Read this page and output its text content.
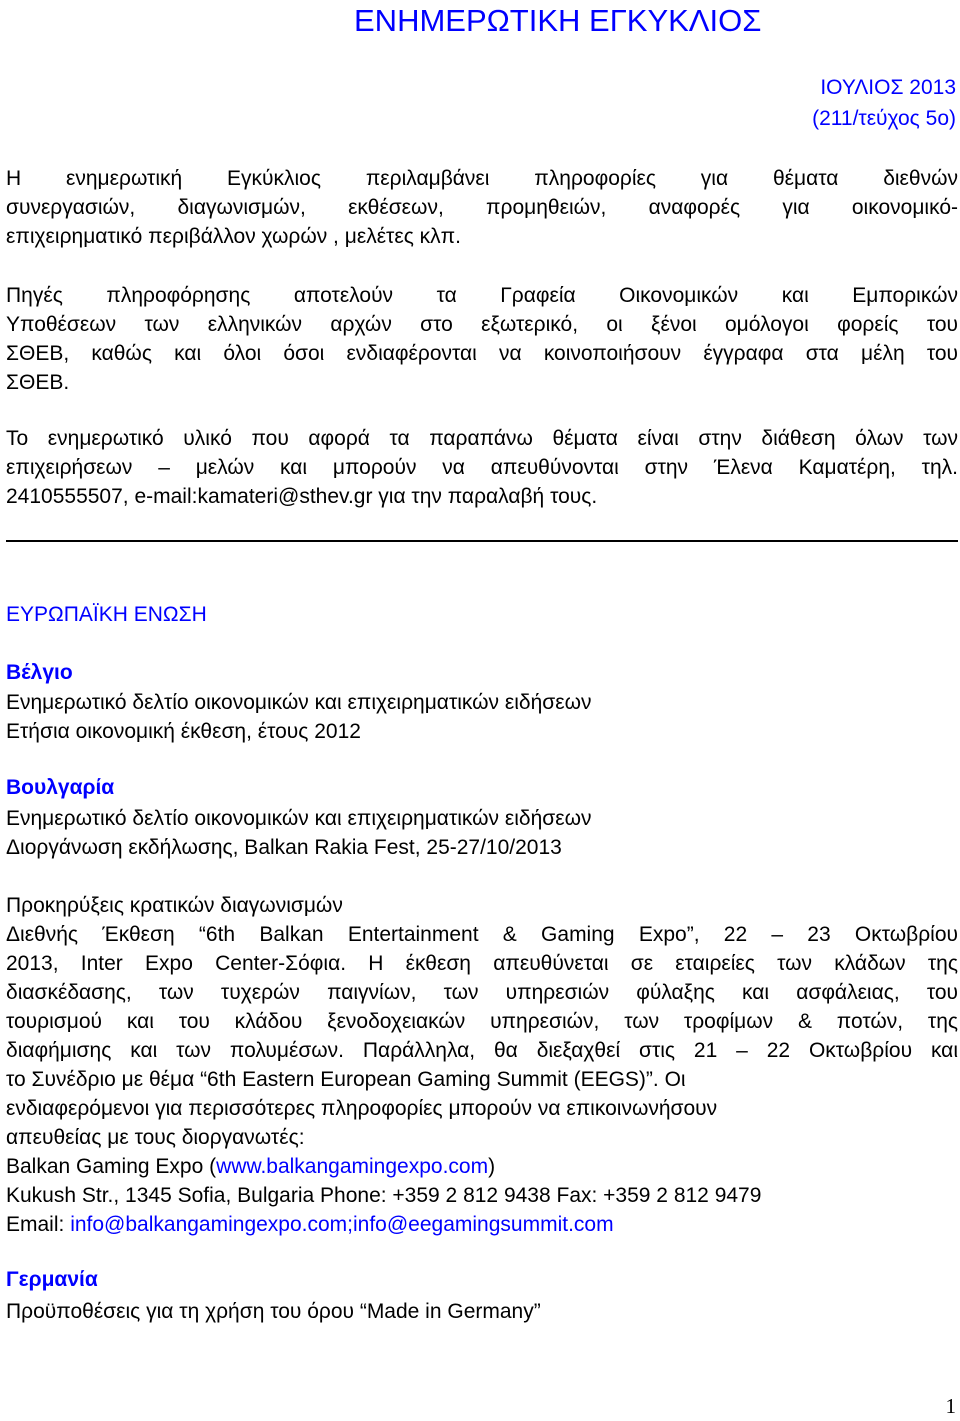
ΕΝΗΜΕΡΩΤΙΚΗ ΕΓΚΥΚΛΙΟΣ
ΙΟΥΛΙΟΣ 2013
(211/τεύχος 5ο)

Η ενημερωτική Εγκύκλιος περιλαμβάνει πληροφορίες για θέματα διεθνών
συνεργασιών, διαγωνισμών, εκθέσεων, προμηθειών, αναφορές για οικονομικό-
επιχειρηματικό περιβάλλον χωρών , μελέτες κλπ.

Πηγές πληροφόρησης αποτελούν τα Γραφεία Οικονομικών και Εμπορικών
Υποθέσεων των ελληνικών αρχών στο εξωτερικό, οι ξένοι ομόλογοι φορείς του
ΣΘΕΒ, καθώς και όλοι όσοι ενδιαφέρονται να κοινοποιήσουν έγγραφα στα μέλη του
ΣΘΕΒ.

Το ενημερωτικό υλικό που αφορά τα παραπάνω θέματα είναι στην διάθεση όλων των
επιχειρήσεων – μελών και μπορούν να απευθύνονται στην Έλενα Καματέρη, τηλ.
2410555507, e-mail:kamateri@sthev.gr για την παραλαβή τους.

ΕΥΡΩΠΑΪΚΗ ΕΝΩΣΗ
Βέλγιο
Ενημερωτικό δελτίο οικονομικών και επιχειρηματικών ειδήσεων
Ετήσια οικονομική έκθεση, έτους 2012
Βουλγαρία
Ενημερωτικό δελτίο οικονομικών και επιχειρηματικών ειδήσεων
Διοργάνωση εκδήλωσης, Balkan Rakia Fest, 25-27/10/2013
Προκηρύξεις κρατικών διαγωνισμών
Διεθνής Έκθεση “6th Balkan Entertainment & Gaming Expo”, 22 – 23 Οκτωβρίου
2013, Inter Expo Center-Σόφια. Η έκθεση απευθύνεται σε εταιρείες των κλάδων της
διασκέδασης, των τυχερών παιγνίων, των υπηρεσιών φύλαξης και ασφάλειας, του
τουρισμού και του κλάδου ξενοδοχειακών υπηρεσιών, των τροφίμων & ποτών, της
διαφήμισης και των πολυμέσων. Παράλληλα, θα διεξαχθεί στις 21 – 22 Οκτωβρίου και
το Συνέδριο με θέμα “6th Eastern European Gaming Summit (EEGS)”. Οι
ενδιαφερόμενοι για περισσότερες πληροφορίες μπορούν να επικοινωνήσουν
απευθείας με τους διοργανωτές:
Balkan Gaming Expo (www.balkangamingexpo.com)
Kukush Str., 1345 Sofia, Bulgaria Phone: +359 2 812 9438 Fax: +359 2 812 9479
Email: info@balkangamingexpo.com;info@eegamingsummit.com
Γερμανία
Προϋποθέσεις για τη χρήση του όρου “Made in Germany”
1
